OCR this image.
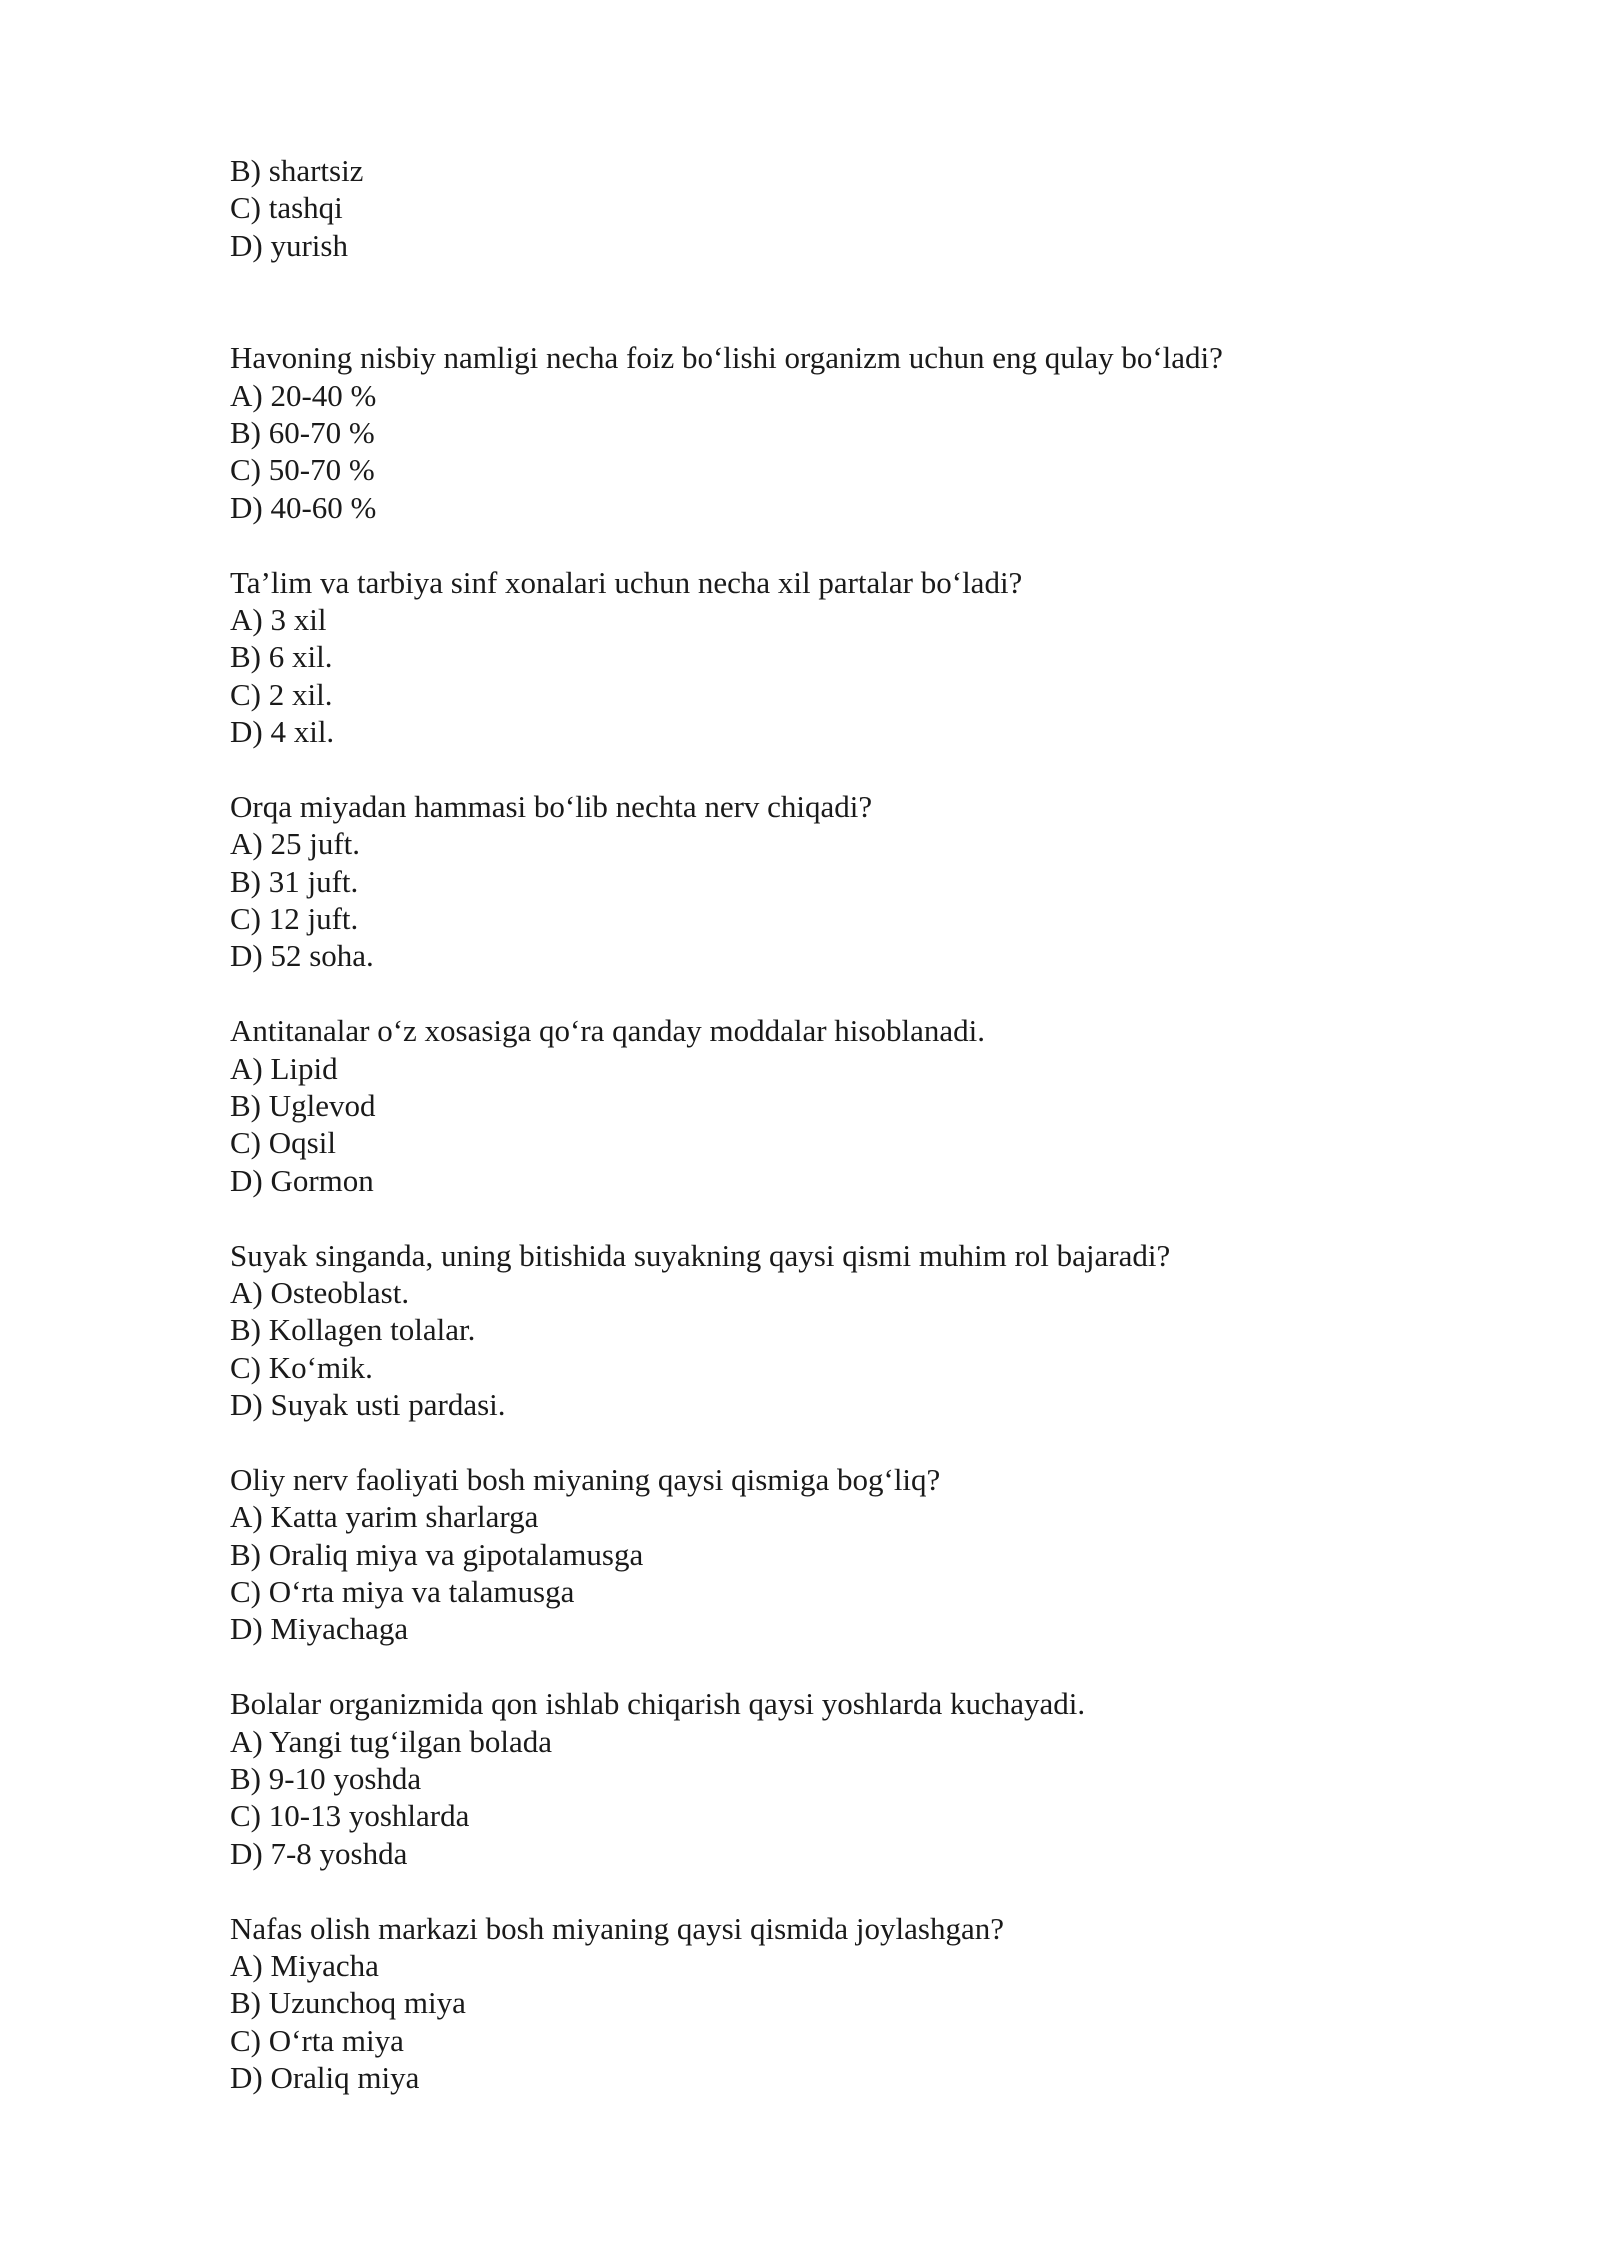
B) shartsiz

C) tashqi

D) yurish

Havoning nisbiy namligi necha foiz bo‘lishi organizm uchun eng qulay bo‘ladi?

A) 20-40 %

B) 60-70 %

C) 50-70 %

D) 40-60 %

Ta’lim va tarbiya sinf xonalari uchun necha xil partalar bo‘ladi?

A) 3 xil

B) 6 xil.

C) 2 xil.

D) 4 xil.

Orqa miyadan hammasi bo‘lib nechta nerv chiqadi?

A) 25 juft.

B) 31 juft.

C) 12 juft.

D) 52 soha.

Antitanalar o‘z xosasiga qo‘ra qanday moddalar hisoblanadi.

A) Lipid

B) Uglevod

C) Oqsil

D) Gormon

Suyak singanda, uning bitishida suyakning qaysi qismi muhim rol bajaradi?

A) Osteoblast.

B) Kollagen tolalar.

C) Ko‘mik.

D) Suyak usti pardasi.

Oliy nerv faoliyati bosh miyaning qaysi qismiga bog‘liq?

A) Katta yarim sharlarga

B) Oraliq miya va gipotalamusga

C) O‘rta miya va talamusga

D) Miyachaga

Bolalar organizmida qon ishlab chiqarish qaysi yoshlarda kuchayadi.

A) Yangi tug‘ilgan bolada

B) 9-10 yoshda

C) 10-13 yoshlarda

D) 7-8 yoshda

Nafas olish markazi bosh miyaning qaysi qismida joylashgan?

A) Miyacha

B) Uzunchoq miya

C) O‘rta miya

D) Oraliq miya
